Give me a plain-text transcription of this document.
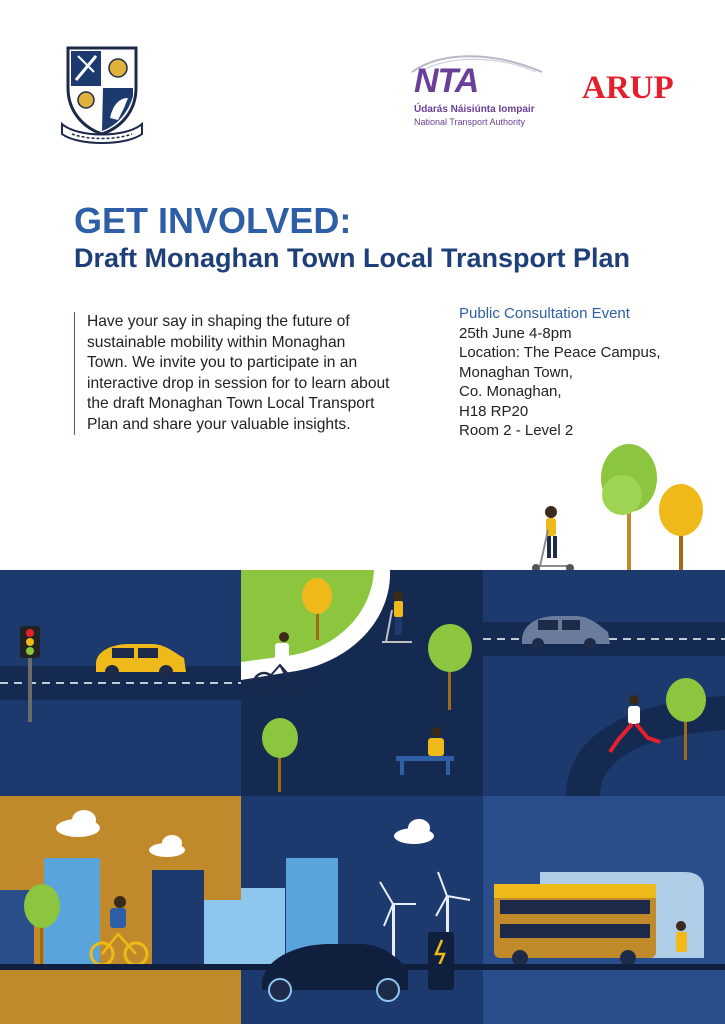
NTA
Údarás Náisiúnta Iompair
National Transport Authority
ARUP
GET INVOLVED:
Draft Monaghan Town Local Transport Plan
Have your say in shaping the future of
sustainable mobility within Monaghan
Town. We invite you to participate in an
interactive drop in session for to learn about
the draft Monaghan Town Local Transport
Plan and share your valuable insights.
Public Consultation Event
25th June 4-8pm
Location: The Peace Campus,
Monaghan Town,
Co. Monaghan,
H18 RP20
Room 2 - Level 2
